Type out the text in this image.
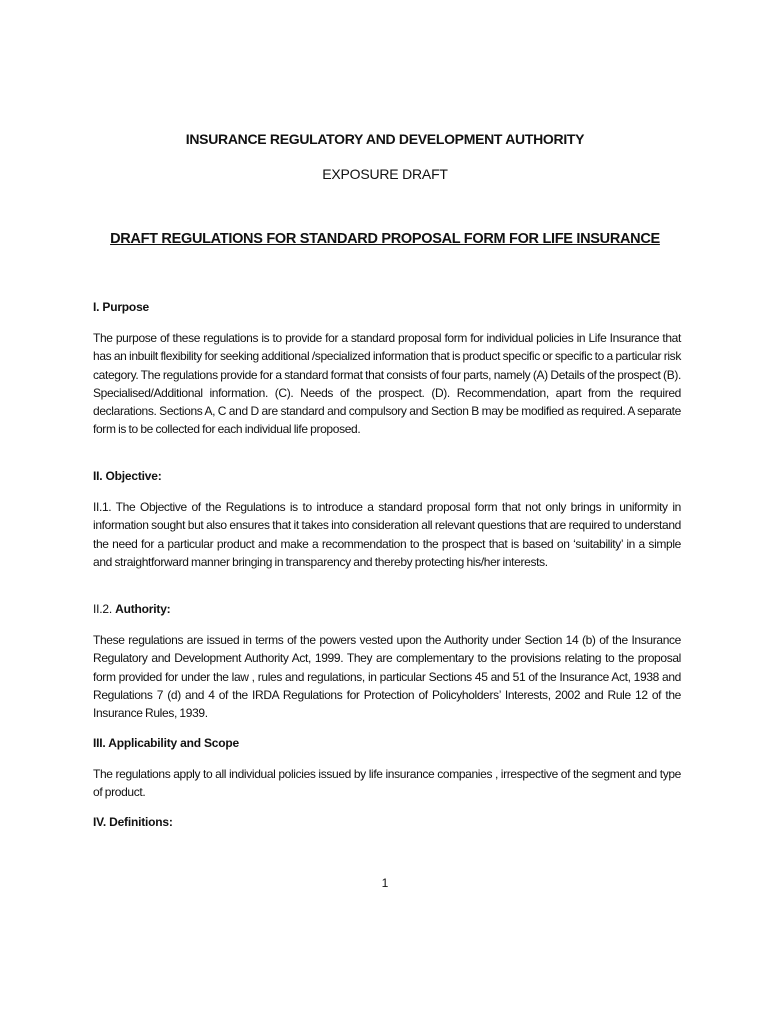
INSURANCE REGULATORY AND DEVELOPMENT AUTHORITY
EXPOSURE DRAFT
DRAFT REGULATIONS FOR STANDARD PROPOSAL FORM FOR LIFE INSURANCE
I. Purpose

The purpose of these regulations is to provide for a standard proposal form for individual policies in Life Insurance that has an inbuilt flexibility for seeking additional /specialized information that is product specific or specific to a particular risk category. The regulations provide for a standard format that consists of four parts, namely (A) Details of the prospect (B). Specialised/Additional information. (C). Needs of the prospect. (D). Recommendation, apart from the required declarations. Sections A, C and D are standard and compulsory and Section B may be modified as required. A separate form is to be collected for each individual life proposed.

II. Objective:

II.1. The Objective of the Regulations is to introduce a standard proposal form that not only brings in uniformity in information sought but also ensures that it takes into consideration all relevant questions that are required to understand the need for a particular product and make a recommendation to the prospect that is based on ‘suitability’ in a simple and straightforward manner bringing in transparency and thereby protecting his/her interests.

II.2. Authority:

These regulations are issued in terms of the powers vested upon the Authority under Section 14 (b) of the Insurance Regulatory and Development Authority Act, 1999. They are complementary to the provisions relating to the proposal form provided for under the law , rules and regulations, in particular Sections 45 and 51 of the Insurance Act, 1938 and Regulations 7 (d) and 4 of the IRDA Regulations for Protection of Policyholders’ Interests, 2002 and Rule 12 of the Insurance Rules, 1939.

III. Applicability and Scope

The regulations apply to all individual policies issued by life insurance companies , irrespective of the segment and type of product.

IV. Definitions:
1
